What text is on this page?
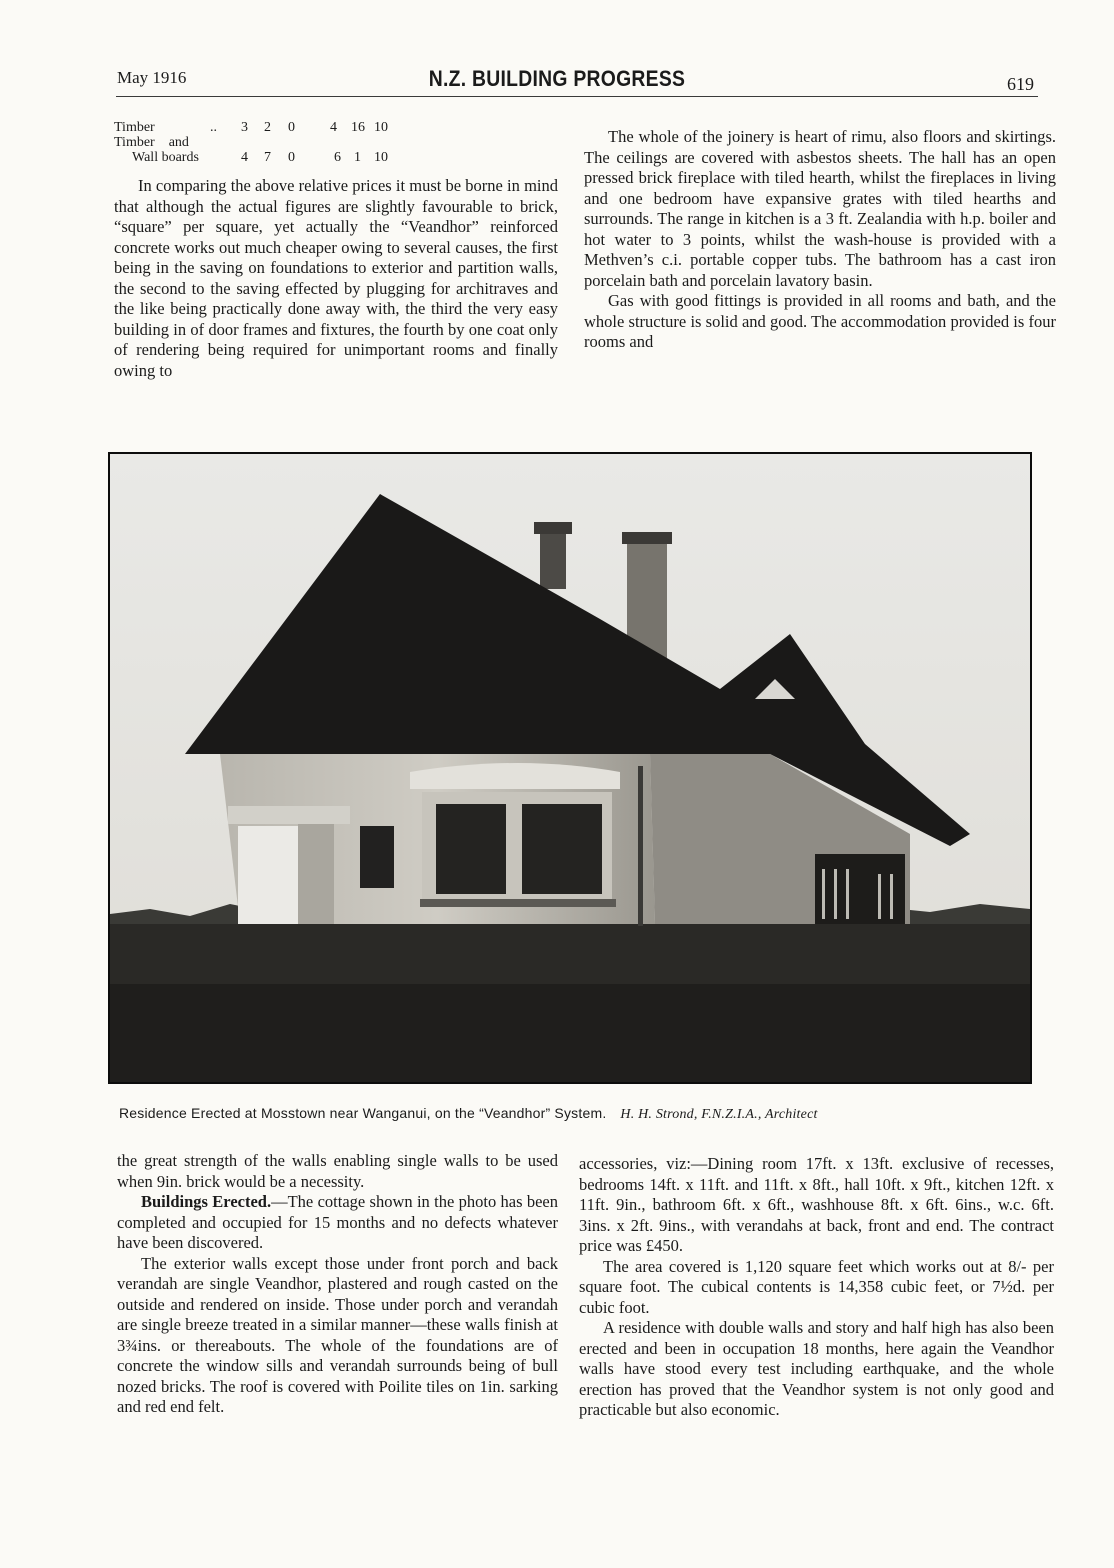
May 1916	N.Z. BUILDING PROGRESS	619
Timber	.. 3 2 0	4 16 10
Timber    and
Wall boards	4 7 0	6 1 10

In comparing the above relative prices it must be borne in mind that although the actual figures are slightly favourable to brick, “square” per square, yet actually the “Veandhor” reinforced concrete works out much cheaper owing to several causes, the first being in the saving on foundations to exterior and partition walls, the second to the saving effected by plugging for architraves and the like being practically done away with, the third the very easy building in of door frames and fixtures, the fourth by one coat only of rendering being required for unimportant rooms and finally owing to

The whole of the joinery is heart of rimu, also floors and skirtings. The ceilings are covered with asbestos sheets. The hall has an open pressed brick fireplace with tiled hearth, whilst the fireplaces in living and one bedroom have expansive grates with tiled hearths and surrounds. The range in kitchen is a 3 ft. Zealandia with h.p. boiler and hot water to 3 points, whilst the wash-house is provided with a Methven’s c.i. portable copper tubs. The bathroom has a cast iron porcelain bath and porcelain lavatory basin.

Gas with good fittings is provided in all rooms and bath, and the whole structure is solid and good. The accommodation provided is four rooms and

Residence Erected at Mosstown near Wanganui, on the “Veandhor” System. H. H. Strond, F.N.Z.I.A., Architect

the great strength of the walls enabling single walls to be used when 9in. brick would be a necessity.

Buildings Erected.—The cottage shown in the photo has been completed and occupied for 15 months and no defects whatever have been discovered.

The exterior walls except those under front porch and back verandah are single Veandhor, plastered and rough casted on the outside and rendered on inside. Those under porch and verandah are single breeze treated in a similar manner—these walls finish at 3¾ins. or thereabouts. The whole of the foundations are of concrete the window sills and verandah surrounds being of bull nozed bricks. The roof is covered with Poilite tiles on 1in. sarking and red end felt.

accessories, viz:—Dining room 17ft. x 13ft. exclusive of recesses, bedrooms 14ft. x 11ft. and 11ft. x 8ft., hall 10ft. x 9ft., kitchen 12ft. x 11ft. 9in., bathroom 6ft. x 6ft., washhouse 8ft. x 6ft. 6ins., w.c. 6ft. 3ins. x 2ft. 9ins., with verandahs at back, front and end. The contract price was £450.

The area covered is 1,120 square feet which works out at 8/- per square foot. The cubical contents is 14,358 cubic feet, or 7½d. per cubic foot.

A residence with double walls and story and half high has also been erected and been in occupation 18 months, here again the Veandhor walls have stood every test including earthquake, and the whole erection has proved that the Veandhor system is not only good and practicable but also economic.
